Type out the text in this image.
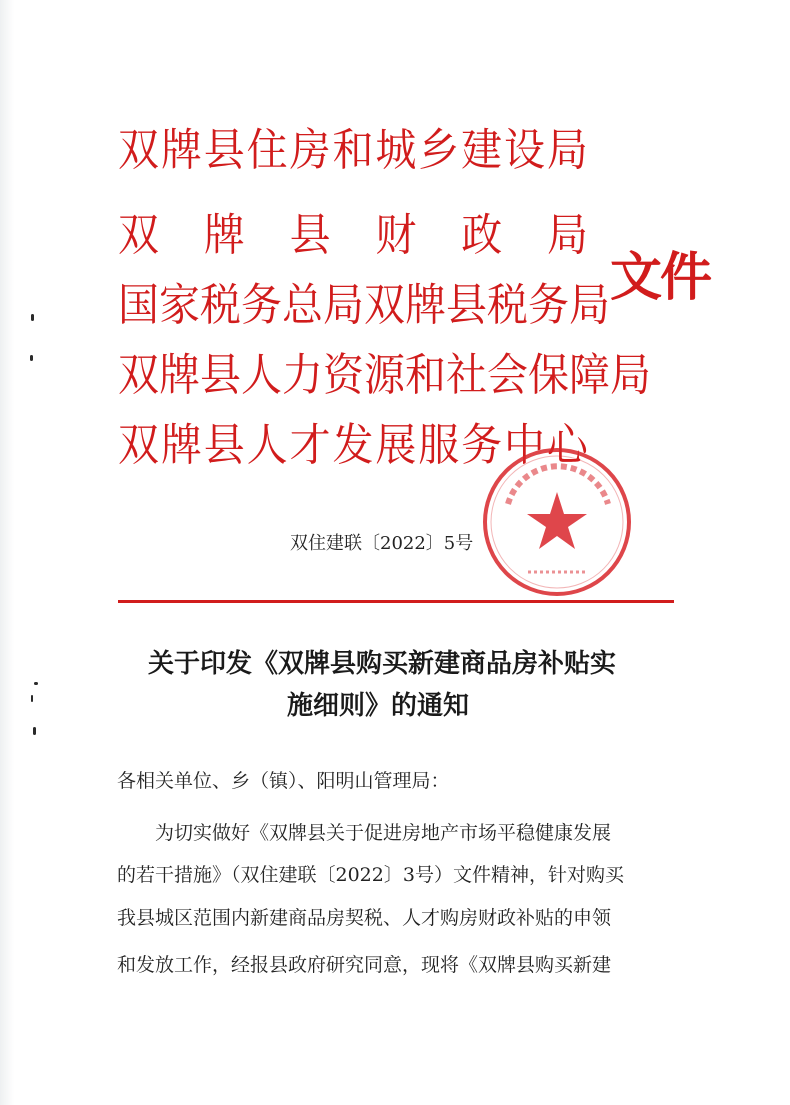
双 牌 县 住 房 和 城 乡 建 设 局
双 牌 县 财 政 局
国 家 税 务 总 局 双 牌 县 税 务 局
双 牌 县 人 力 资 源 和 社 会 保 障 局
双 牌 县 人 才 发 展 服 务 中 心
文件
双住建联〔2022〕5号
关于印发《双牌县购买新建商品房补贴实
施细则》的通知
各相关单位、乡（镇）、阳明山管理局：
　　为切实做好《双牌县关于促进房地产市场平稳健康发展
的若干措施》（双住建联〔2022〕3号）文件精神，针对购买
我县城区范围内新建商品房契税、人才购房财政补贴的申领
和发放工作，经报县政府研究同意，现将《双牌县购买新建
